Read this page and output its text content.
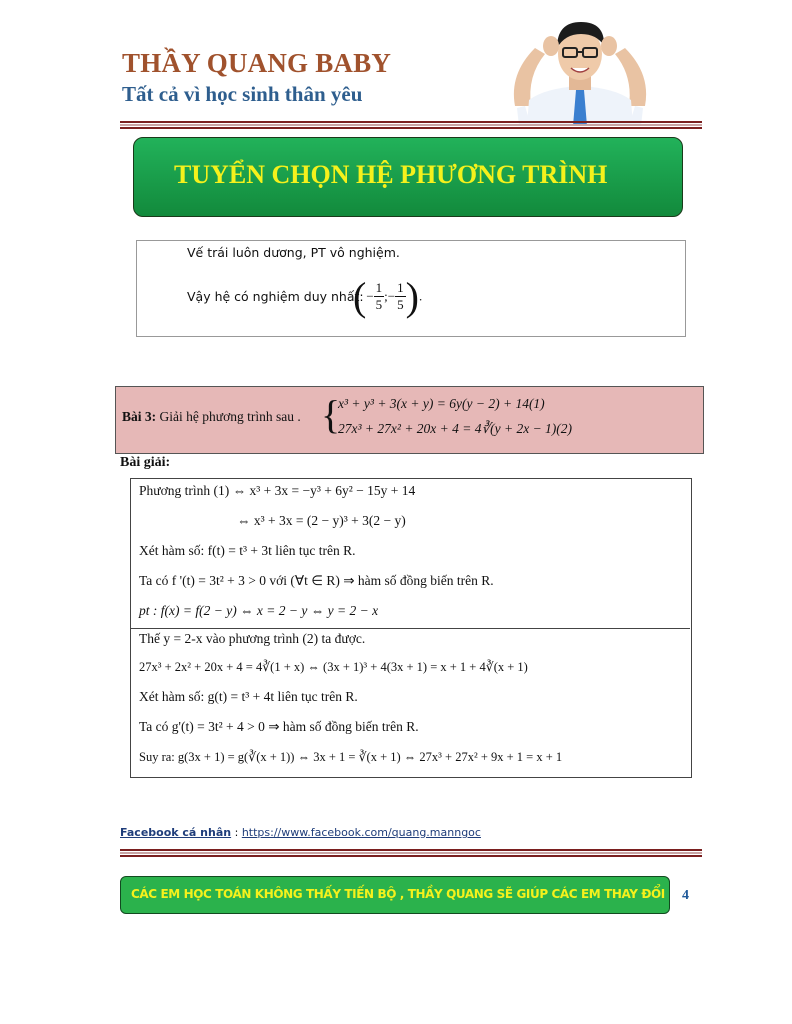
THẦY QUANG BABY
Tất cả vì học sinh thân yêu
TUYỂN CHỌN HỆ PHƯƠNG TRÌNH
Vế trái luôn dương, PT vô nghiệm.
Vậy hệ có nghiệm duy nhất:
(− $\frac{1}{5}$ ;− $\frac{1}{5}$ ).
Bài 3: Giải hệ phương trình sau . {
x³ + y³ + 3(x + y) = 6y(y − 2) + 14(1)
27x³ + 27x² + 20x + 4 = 4∛(y + 2x − 1)(2)
Bài giải:
Phương trình (1) ⇔ x³ + 3x = −y³ + 6y² − 15y + 14
⇔ x³ + 3x = (2 − y)³ + 3(2 − y)
Xét hàm số: f(t) = t³ + 3t liên tục trên R.
Ta có f '(t) = 3t² + 3 > 0 với (∀t ∈ R) ⇒ hàm số đồng biến trên R.
pt : f(x) = f(2 − y) ⇔ x = 2 − y ⇔ y = 2 − x
Thế y = 2-x vào phương trình (2) ta được.
27x³ + 2x² + 20x + 4 = 4∛(1 + x) ⇔ (3x + 1)³ + 4(3x + 1) = x + 1 + 4∛(x + 1)
Xét hàm số: g(t) = t³ + 4t liên tục trên R.
Ta có g'(t) = 3t² + 4 > 0 ⇒ hàm số đồng biến trên R.
Suy ra: g(3x + 1) = g(∛(x + 1)) ⇔ 3x + 1 = ∛(x + 1) ⇔ 27x³ + 27x² + 9x + 1 = x + 1
Facebook cá nhân : https://www.facebook.com/quang.manngoc
CÁC EM HỌC TOÁN KHÔNG THẤY TIẾN BỘ , THẦY QUANG SẼ GIÚP CÁC EM THAY ĐỔI 4
